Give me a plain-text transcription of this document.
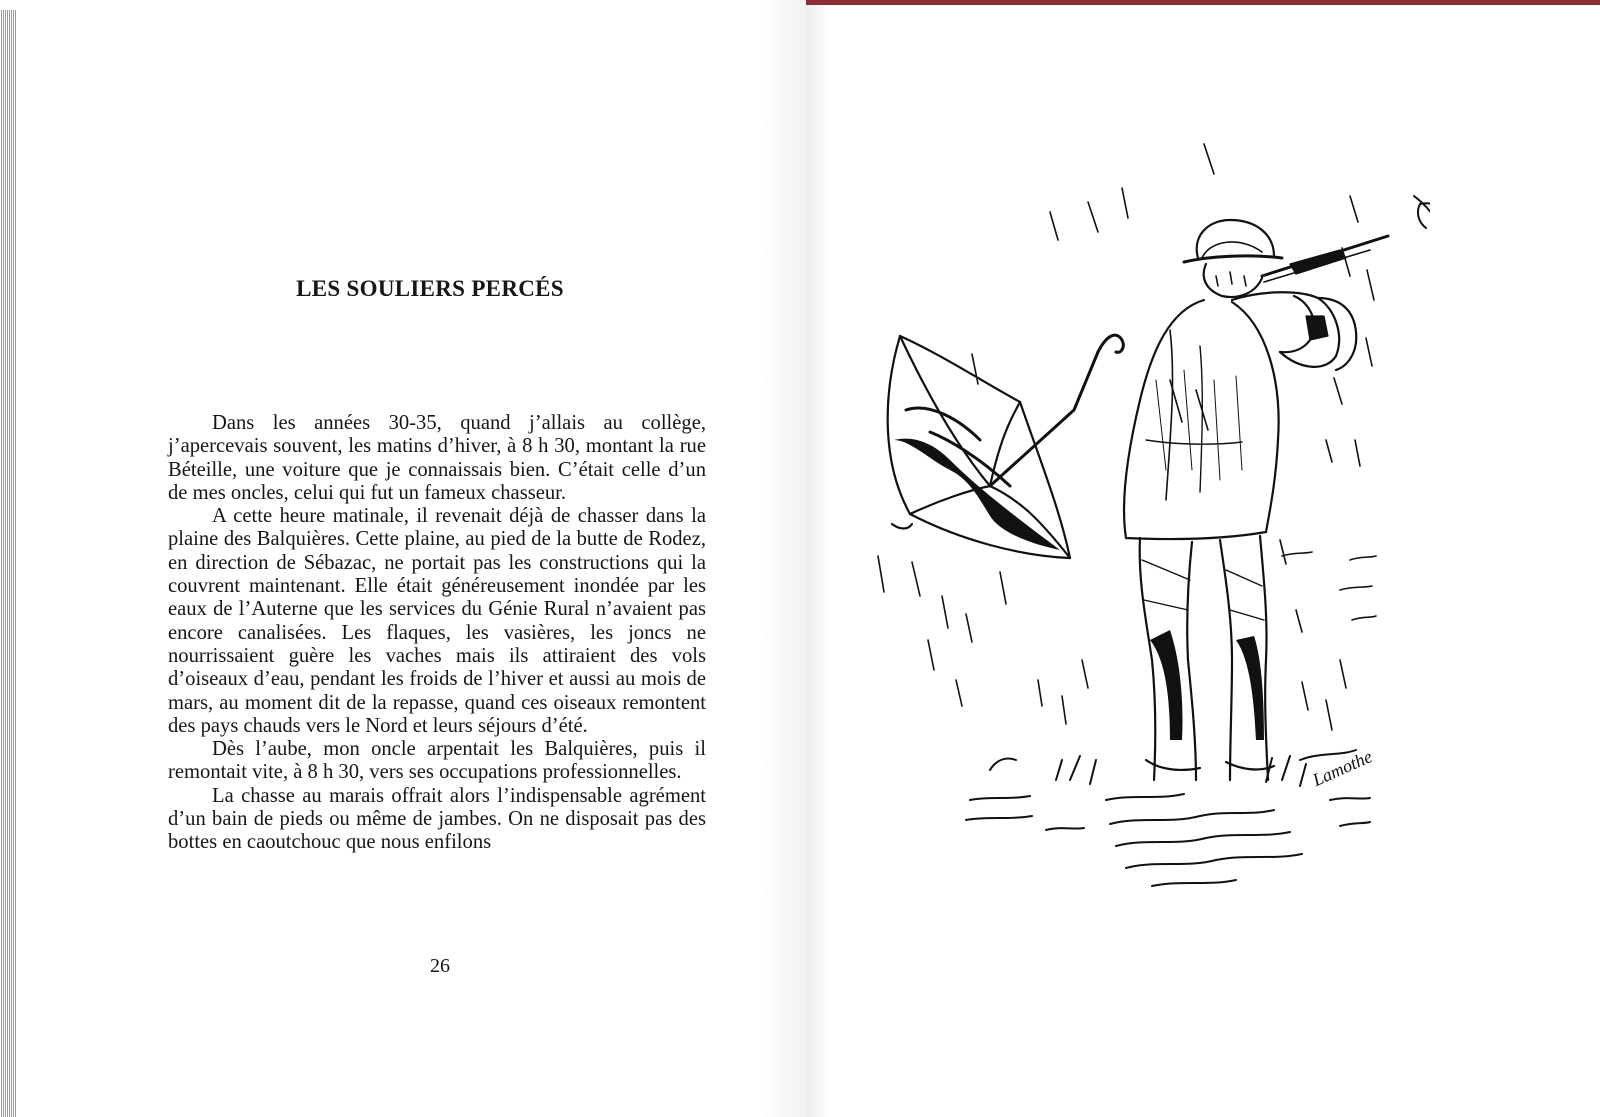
LES SOULIERS PERCÉS

Dans les années 30-35, quand j’allais au collège, j’apercevais souvent, les matins d’hiver, à 8 h 30, montant la rue Béteille, une voiture que je connaissais bien. C’était celle d’un de mes oncles, celui qui fut un fameux chasseur.

A cette heure matinale, il revenait déjà de chasser dans la plaine des Balquières. Cette plaine, au pied de la butte de Rodez, en direction de Sébazac, ne portait pas les constructions qui la couvrent maintenant. Elle était généreusement inondée par les eaux de l’Auterne que les services du Génie Rural n’avaient pas encore canalisées. Les flaques, les vasières, les joncs ne nourrissaient guère les vaches mais ils attiraient des vols d’oiseaux d’eau, pendant les froids de l’hiver et aussi au mois de mars, au moment dit de la repasse, quand ces oiseaux remontent des pays chauds vers le Nord et leurs séjours d’été.

Dès l’aube, mon oncle arpentait les Balquières, puis il remontait vite, à 8 h 30, vers ses occupations professionnelles.

La chasse au marais offrait alors l’indispensable agrément d’un bain de pieds ou même de jambes. On ne disposait pas des bottes en caoutchouc que nous enfilons

26
Lamothe
